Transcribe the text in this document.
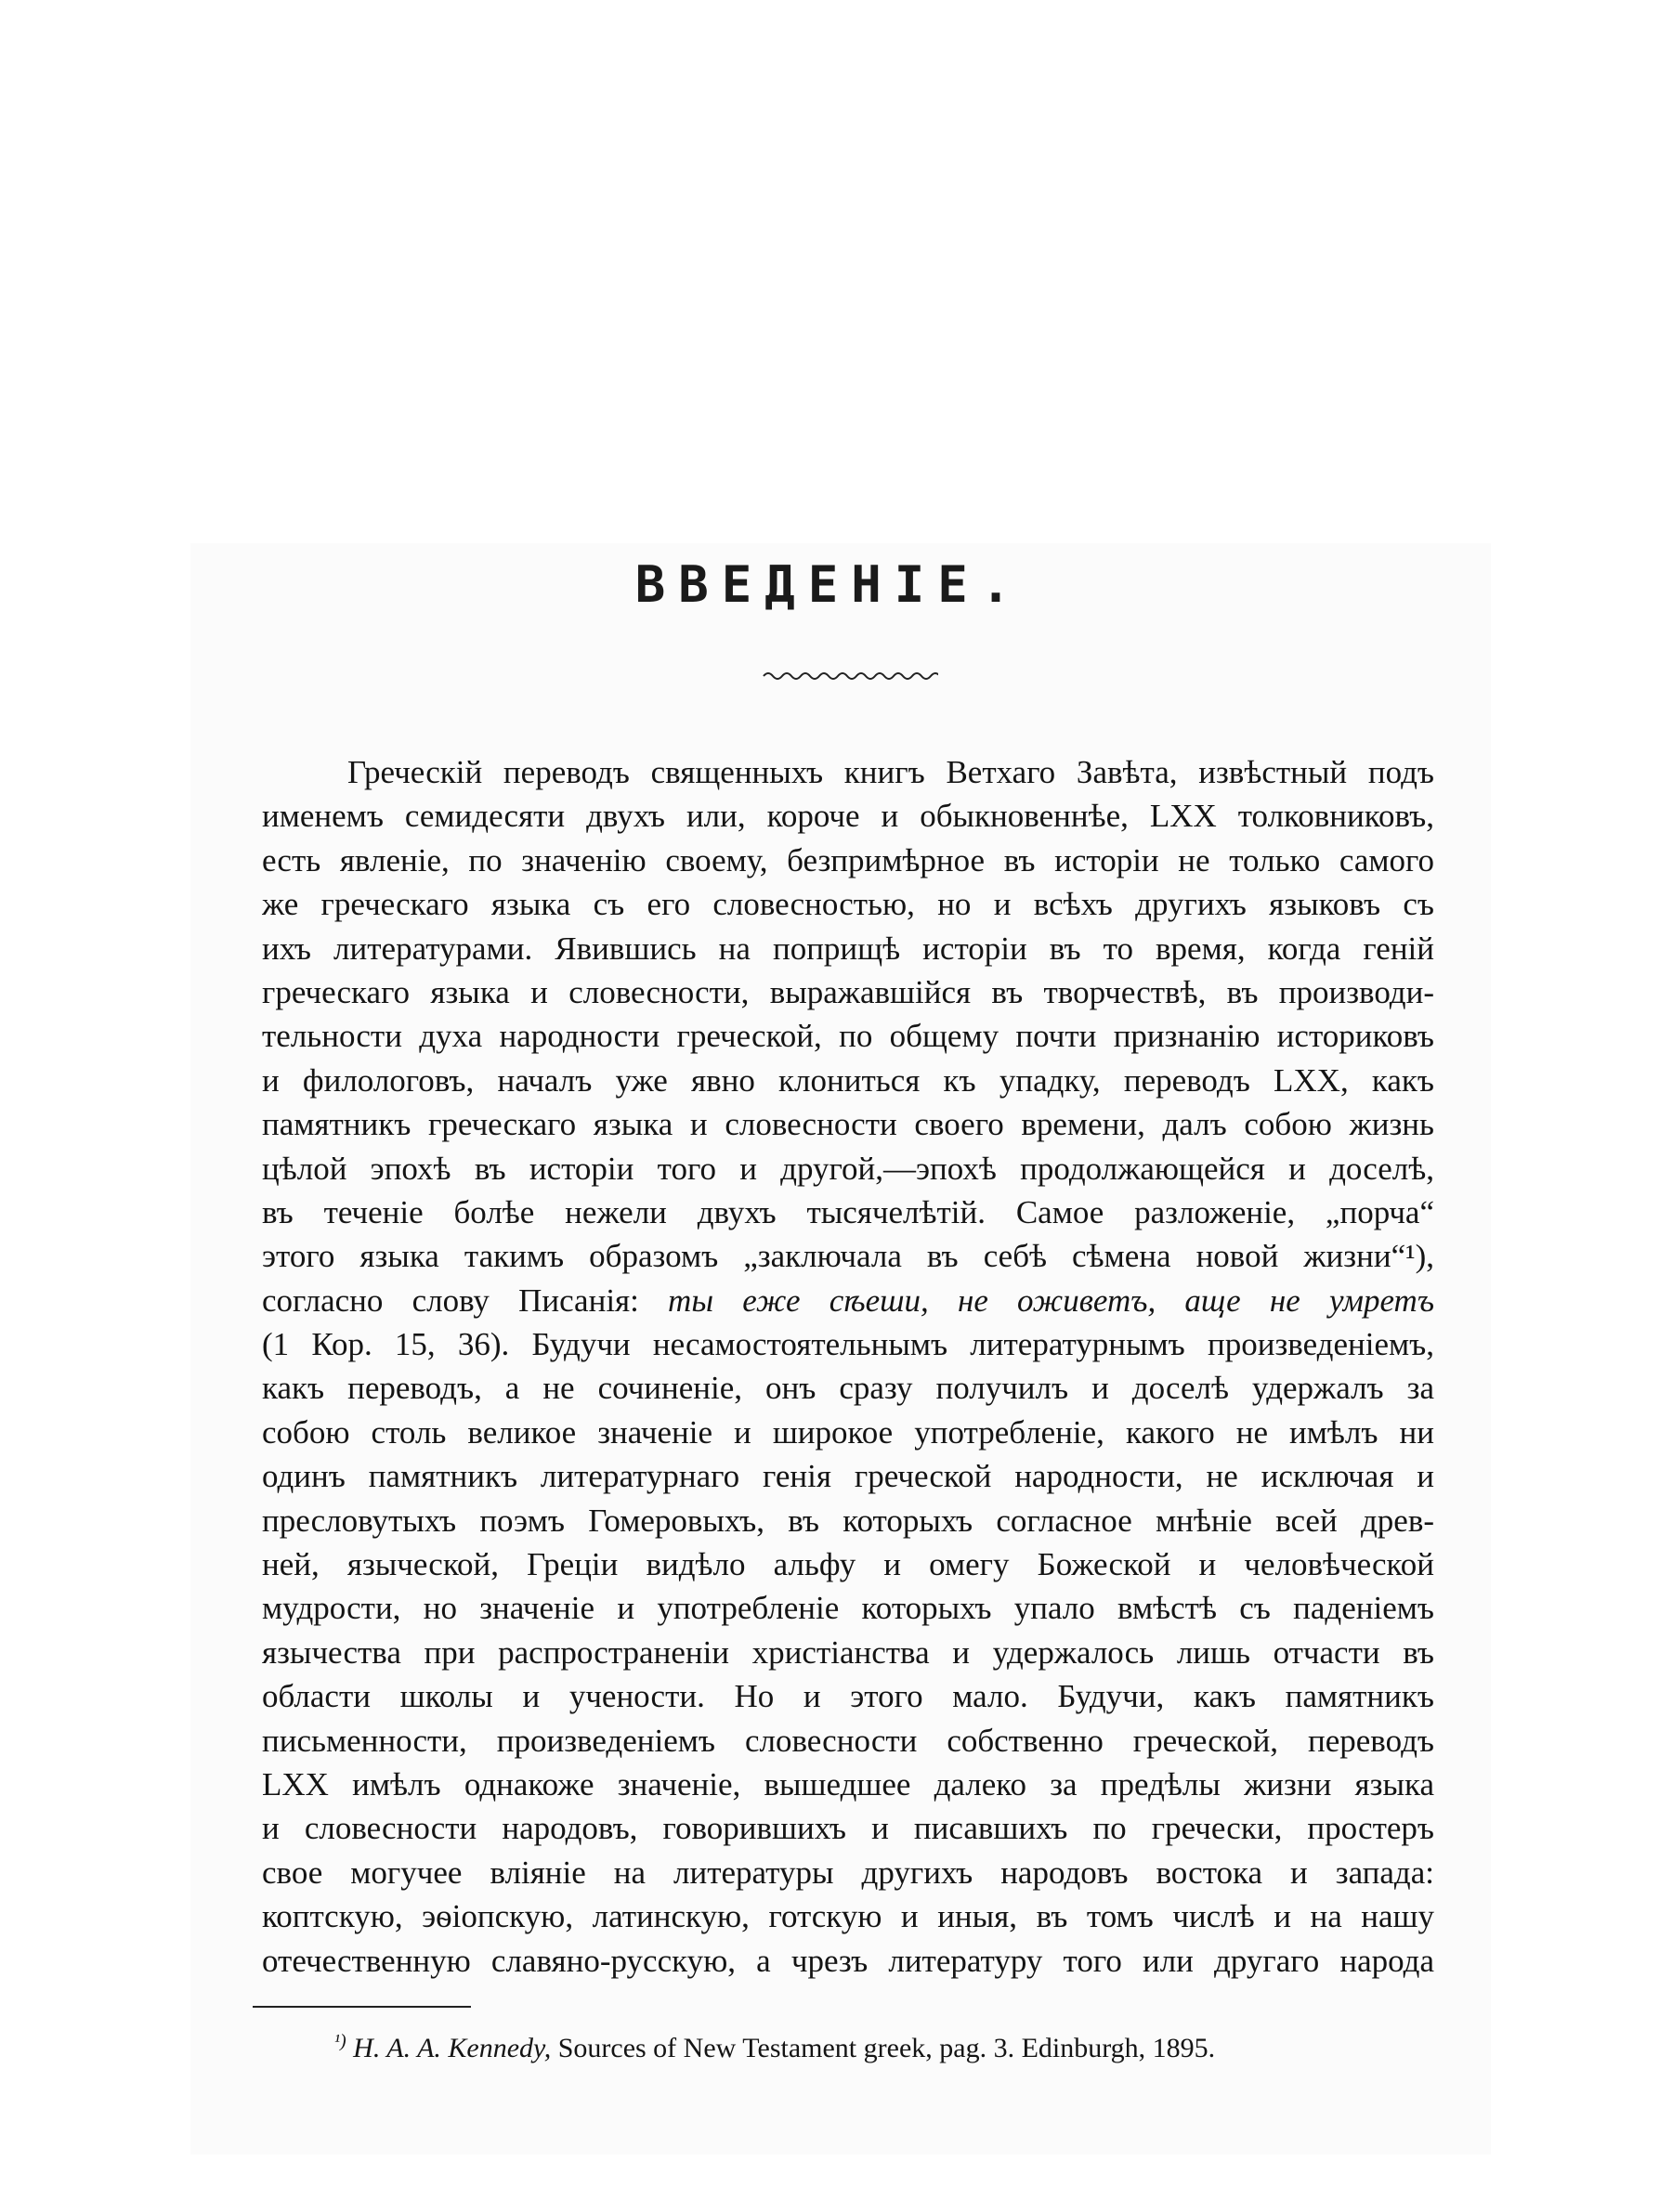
ВВЕДЕНІЕ.
Греческій переводъ священныхъ книгъ Ветхаго Завѣта, извѣстный подъ
именемъ семидесяти двухъ или, короче и обыкновеннѣе, LXX толковниковъ,
есть явленіе, по значенію своему, безпримѣрное въ исторіи не только самого
же греческаго языка съ его словесностью, но и всѣхъ другихъ языковъ съ
ихъ литературами. Явившись на поприщѣ исторіи въ то время, когда геній
греческаго языка и словесности, выражавшійся въ творчествѣ, въ производи-
тельности духа народности греческой, по общему почти признанію историковъ
и филологовъ, началъ уже явно клониться къ упадку, переводъ LXX, какъ
памятникъ греческаго языка и словесности своего времени, далъ собою жизнь
цѣлой эпохѣ въ исторіи того и другой,—эпохѣ продолжающейся и доселѣ,
въ теченіе болѣе нежели двухъ тысячелѣтій. Самое разложеніе, „порча“
этого языка такимъ образомъ „заключала въ себѣ сѣмена новой жизни“¹),
согласно слову Писанія: ты еже сѣеши, не оживетъ, аще не умретъ
(1 Кор. 15, 36). Будучи несамостоятельнымъ литературнымъ произведеніемъ,
какъ переводъ, а не сочиненіе, онъ сразу получилъ и доселѣ удержалъ за
собою столь великое значеніе и широкое употребленіе, какого не имѣлъ ни
одинъ памятникъ литературнаго генія греческой народности, не исключая и
пресловутыхъ поэмъ Гомеровыхъ, въ которыхъ согласное мнѣніе всей древ-
ней, языческой, Греціи видѣло альфу и омегу Божеской и человѣческой
мудрости, но значеніе и употребленіе которыхъ упало вмѣстѣ съ паденіемъ
язычества при распространеніи христіанства и удержалось лишь отчасти въ
области школы и учености. Но и этого мало. Будучи, какъ памятникъ
письменности, произведеніемъ словесности собственно греческой, переводъ
LXX имѣлъ однакоже значеніе, вышедшее далеко за предѣлы жизни языка
и словесности народовъ, говорившихъ и писавшихъ по гречески, простеръ
свое могучее вліяніе на литературы другихъ народовъ востока и запада:
коптскую, эѳіопскую, латинскую, готскую и иныя, въ томъ числѣ и на нашу
отечественную славяно-русскую, а чрезъ литературу того или другаго народа
$^{^1)}$ H. A. A. Kennedy, Sources of New Testament greek, pag. 3. Edinburgh, 1895.
